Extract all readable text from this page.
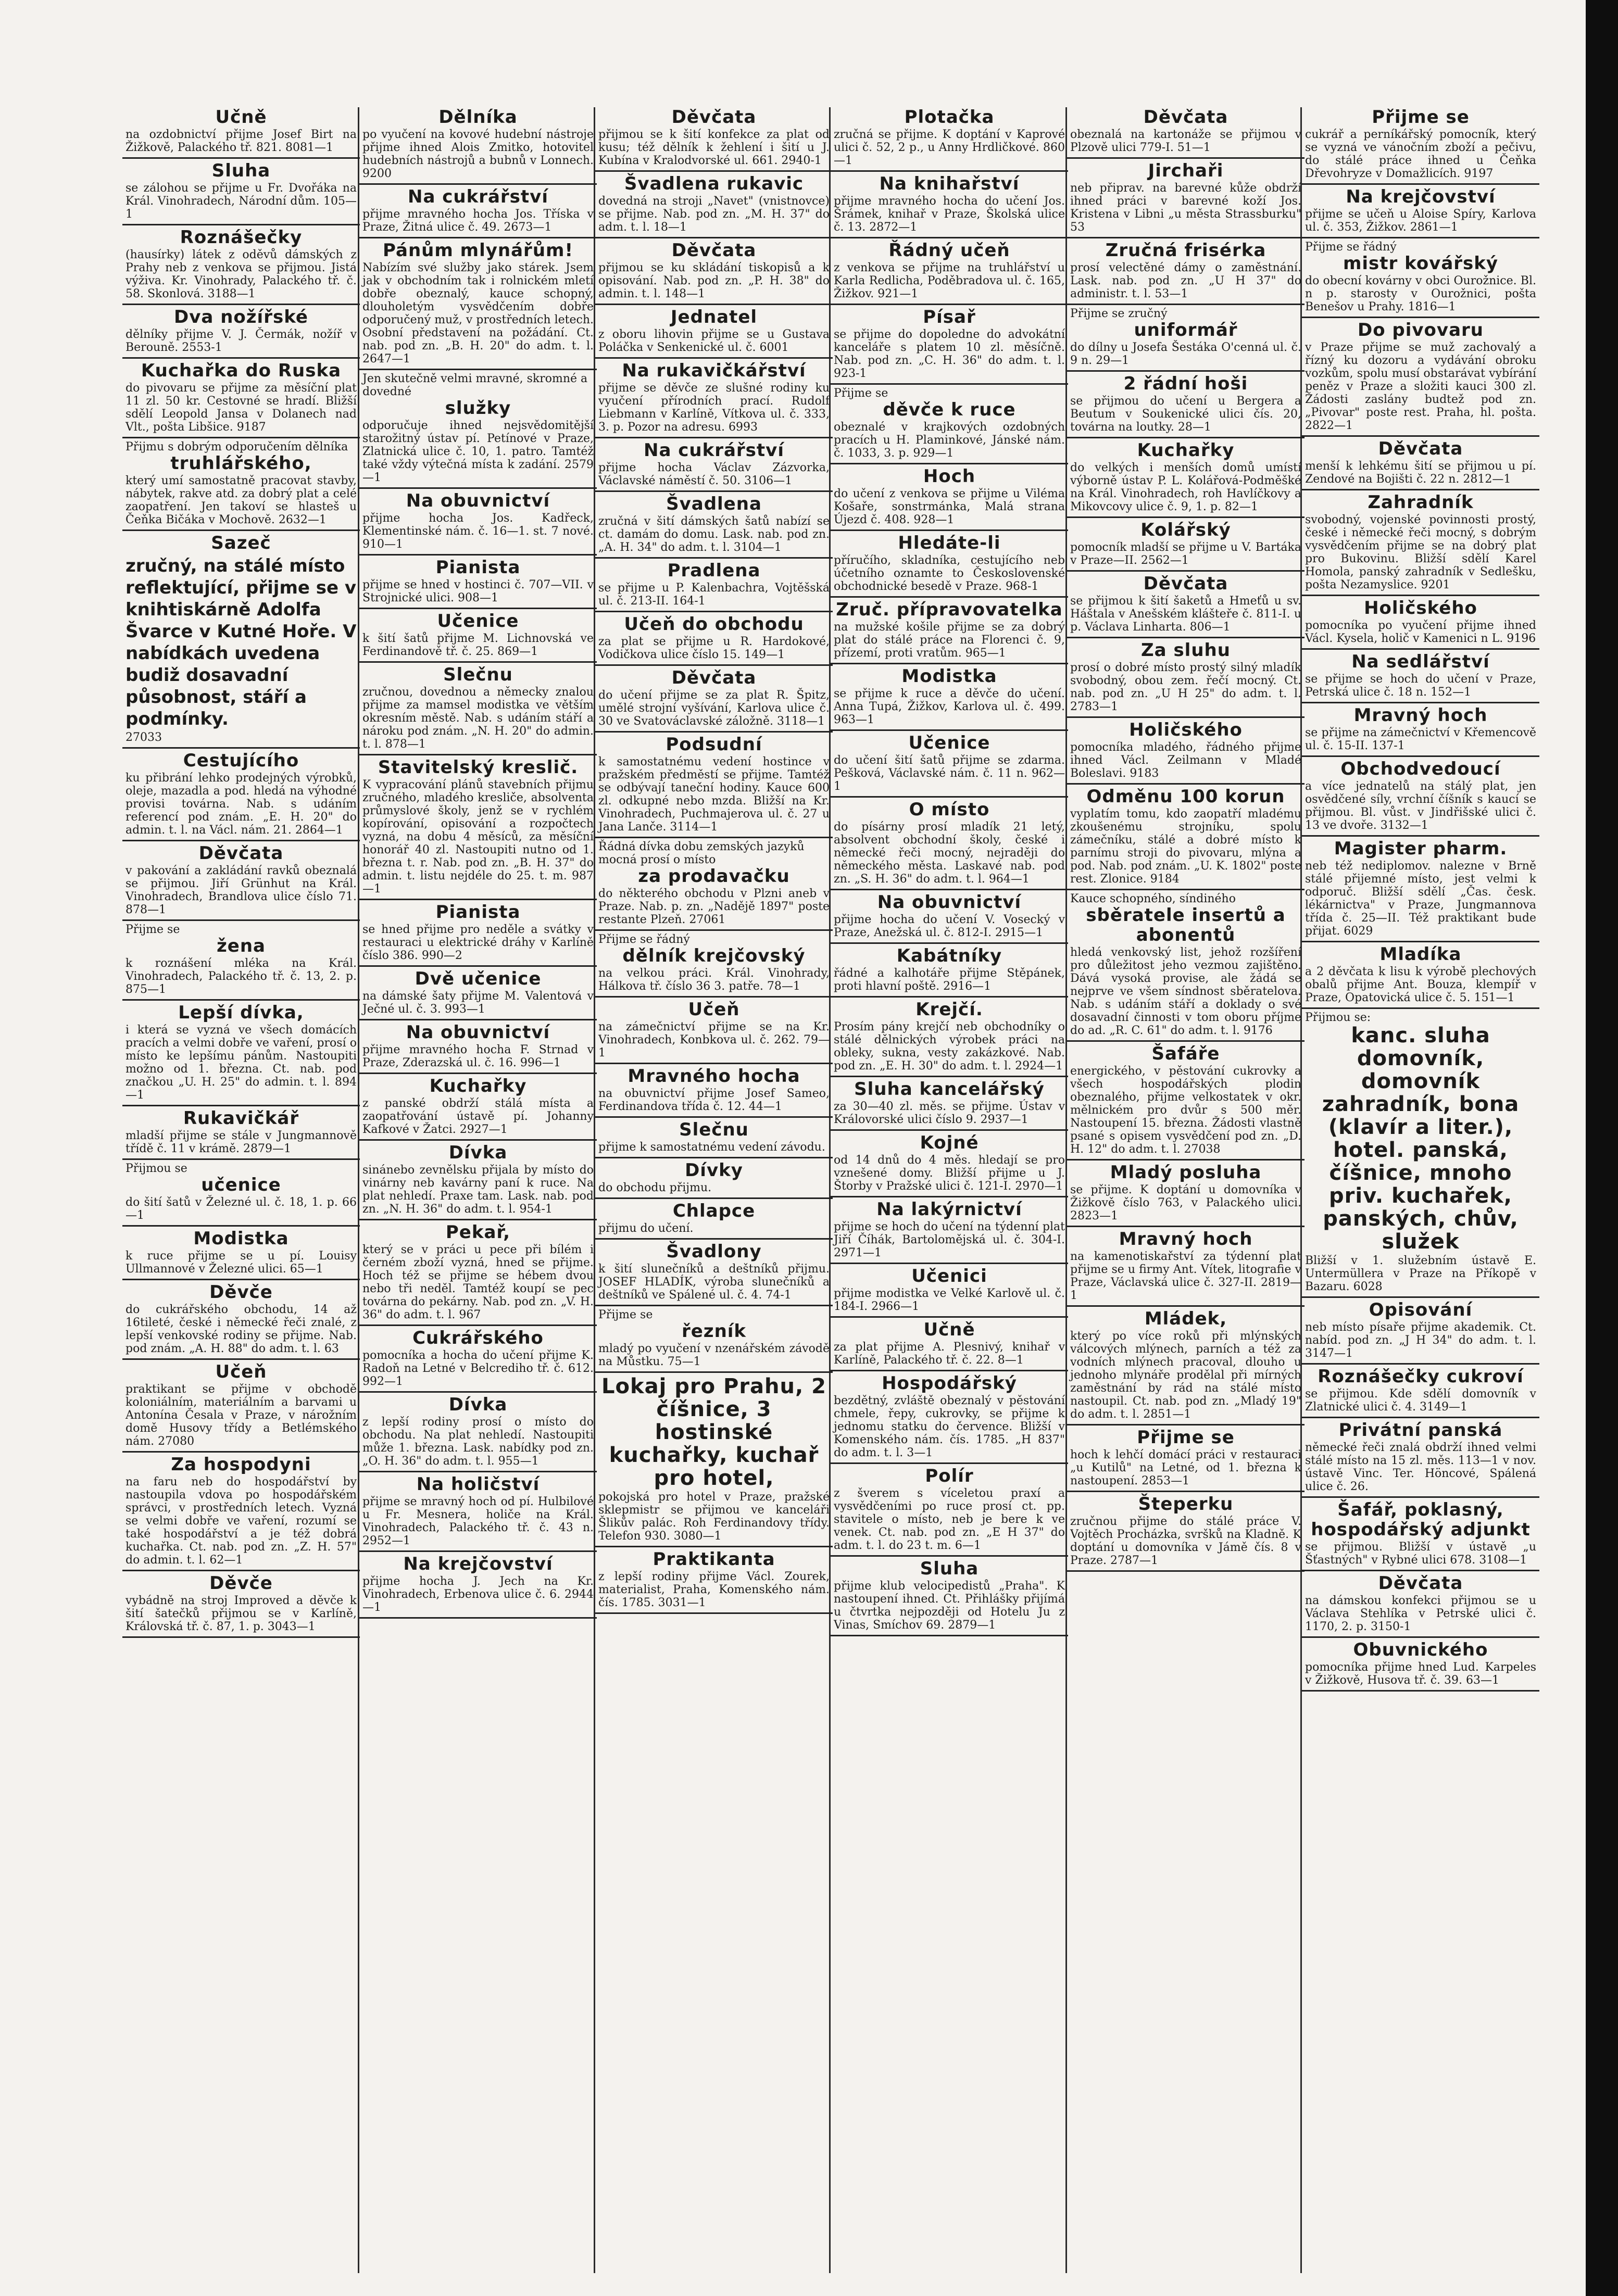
Učně

na ozdobnictví přijme Josef Birt na Žižkově, Palackého tř. 821. 8081—1

Sluha

se zálohou se přijme u Fr. Dvořáka na Král. Vinohradech, Národní dům. 105—1

Roznášečky

(hausírky) látek z oděvů dámských z Prahy neb z venkova se přijmou. Jistá výživa. Kr. Vinohrady, Palackého tř. č. 58. Skonlová. 3188—1

Dva nožířské

dělníky přijme V. J. Čermák, nožíř v Berouně. 2553-1

Kuchařka do Ruska

do pivovaru se přijme za měsíční plat 11 zl. 50 kr. Cestovné se hradí. Bližší sdělí Leopold Jansa v Dolanech nad Vlt., pošta Libšice. 9187

Přijmu s dobrým odporučením dělníka

truhlářského,

který umí samostatně pracovat stavby, nábytek, rakve atd. za dobrý plat a celé zaopatření. Jen takoví se hlasteš u Čeňka Bičáka v Mochově. 2632—1

Sazeč

zručný, na stálé místo reflektující, přijme se v knihtiskárně Adolfa Švarce v Kutné Hoře. V nabídkách uvedena budiž dosavadní působnost, stáří a podmínky.

27033

Cestujícího

ku přibrání lehko prodejných výrobků, oleje, mazadla a pod. hledá na výhodné provisi továrna. Nab. s udáním referencí pod znám. „E. H. 20" do admin. t. l. na Václ. nám. 21. 2864—1

Děvčata

v pakování a zakládání ravků obeznalá se přijmou. Jiří Grünhut na Král. Vinohradech, Brandlova ulice číslo 71. 878—1

Přijme se

žena

k roznášení mléka na Král. Vinohradech, Palackého tř. č. 13, 2. p. 875—1

Lepší dívka,

i která se vyzná ve všech domácích pracích a velmi dobře ve vaření, prosí o místo ke lepšímu pánům. Nastoupiti možno od 1. března. Ct. nab. pod značkou „U. H. 25" do admin. t. l. 894—1

Rukavičkář

mladší přijme se stále v Jungmannově třídě č. 11 v krámě. 2879—1

Přijmou se

učenice

do šití šatů v Železné ul. č. 18, 1. p. 66—1

Modistka

k ruce přijme se u pí. Louisy Ullmannové v Železné ulici. 65—1

Děvče

do cukrářského obchodu, 14 až 16tileté, české i německé řeči znalé, z lepší venkovské rodiny se přijme. Nab. pod znám. „A. H. 88" do adm. t. l. 63

Učeň

praktikant se přijme v obchodě koloniálním, materiálním a barvami u Antonína Česala v Praze, v nárožním domě Husovy třídy a Betlémského nám. 27080

Za hospodyni

na faru neb do hospodářství by nastoupila vdova po hospodářském správci, v prostředních letech. Vyzná se velmi dobře ve vaření, rozumí se také hospodářství a je též dobrá kuchařka. Ct. nab. pod zn. „Z. H. 57" do admin. t. l. 62—1

Děvče

vybádně na stroj Improved a děvče k šití šatečků přijmou se v Karlíně, Královská tř. č. 87, 1. p. 3043—1

Dělníka

po vyučení na kovové hudební nástroje přijme ihned Alois Zmitko, hotovitel hudebních nástrojů a bubnů v Lonnech. 9200

Na cukrářství

přijme mravného hocha Jos. Tříska v Praze, Žitná ulice č. 49. 2673—1

Pánům mlynářům!

Nabízím své služby jako stárek. Jsem jak v obchodním tak i rolnickém mletí dobře obeznalý, kauce schopný, dlouholetým vysvědčením dobře odporučený muž, v prostředních letech. Osobní představení na požádání. Ct. nab. pod zn. „B. H. 20" do adm. t. l. 2647—1

Jen skutečně velmi mravné, skromné a dovedné

služky

odporučuje ihned nejsvědomitější starožitný ústav pí. Petínové v Praze, Zlatnická ulice č. 10, 1. patro. Tamtéž také vždy výtečná místa k zadání. 2579—1

Na obuvnictví

přijme hocha Jos. Kadřeck, Klementinské nám. č. 16—1. st. 7 nové. 910—1

Pianista

přijme se hned v hostinci č. 707—VII. v Strojnické ulici. 908—1

Učenice

k šití šatů přijme M. Lichnovská ve Ferdinandově tř. č. 25. 869—1

Slečnu

zručnou, dovednou a německy znalou přijme za mamsel modistka ve větším okresním městě. Nab. s udáním stáří a nároku pod znám. „N. H. 20" do admin. t. l. 878—1

Stavitelský kreslič.

K vypracování plánů stavebních přijmu zručného, mladého kresliče, absolventa průmyslové školy, jenž se v rychlém kopírování, opisování a rozpočtech vyzná, na dobu 4 měsíců, za měsíční honorář 40 zl. Nastoupiti nutno od 1. března t. r. Nab. pod zn. „B. H. 37" do admin. t. listu nejdéle do 25. t. m. 987—1

Pianista

se hned přijme pro neděle a svátky v restauraci u elektrické dráhy v Karlíně číslo 386. 990—2

Dvě učenice

na dámské šaty přijme M. Valentová v Ječné ul. č. 3. 993—1

Na obuvnictví

přijme mravného hocha F. Strnad v Praze, Zderazská ul. č. 16. 996—1

Kuchařky

z panské obdrží stálá místa a zaopatřování ústavě pí. Johanny Kafkové v Žatci. 2927—1

Dívka

sinánebo zevnělsku přijala by místo do vinárny neb kavárny paní k ruce. Na plat nehledí. Praxe tam. Lask. nab. pod zn. „N. H. 36" do adm. t. l. 954-1

Pekař,

který se v práci u pece při bílém i černém zboží vyzná, hned se přijme. Hoch též se přijme se hébem dvou nebo tři neděl. Tamtéž koupí se pec továrna do pekárny. Nab. pod zn. „V. H. 36" do adm. t. l. 967

Cukrářského

pomocníka a hocha do učení přijme K. Radoň na Letné v Belcrediho tř. č. 612. 992—1

Dívka

z lepší rodiny prosí o místo do obchodu. Na plat nehledí. Nastoupiti může 1. března. Lask. nabídky pod zn. „O. H. 36" do adm. t. l. 955—1

Na holičství

přijme se mravný hoch od pí. Hulbilové u Fr. Mesnera, holiče na Král. Vinohradech, Palackého tř. č. 43 n. 2952—1

Na krejčovství

přijme hocha J. Jech na Kr. Vinohradech, Erbenova ulice č. 6. 2944—1

Děvčata

přijmou se k šití konfekce za plat od kusu; též dělník k žehlení i šití u J. Kubína v Kralodvorské ul. 661. 2940-1

Švadlena rukavic

dovedná na stroji „Navet" (vnistnovce) se přijme. Nab. pod zn. „M. H. 37" do adm. t. l. 18—1

Děvčata

přijmou se ku skládání tiskopisů a k opisování. Nab. pod zn. „P. H. 38" do admin. t. l. 148—1

Jednatel

z oboru lihovin přijme se u Gustava Poláčka v Senkenické ul. č. 6001

Na rukavičkářství

přijme se děvče ze slušné rodiny ku vyučení přírodních prací. Rudolf Liebmann v Karlíně, Vítkova ul. č. 333, 3. p. Pozor na adresu. 6993

Na cukrářství

přijme hocha Václav Zázvorka, Václavské náměstí č. 50. 3106—1

Švadlena

zručná v šití dámských šatů nabízí se ct. damám do domu. Lask. nab. pod zn. „A. H. 34" do adm. t. l. 3104—1

Pradlena

se přijme u P. Kalenbachra, Vojtěšská ul. č. 213-II. 164-1

Učeň do obchodu

za plat se přijme u R. Hardokové, Vodičkova ulice číslo 15. 149—1

Děvčata

do učení přijme se za plat R. Špitz, umělé strojní vyšívání, Karlova ulice č. 30 ve Svatováclavské záložně. 3118—1

Podsudní

k samostatnému vedení hostince v pražském předměstí se přijme. Tamtéž se odbývají taneční hodiny. Kauce 600 zl. odkupné nebo mzda. Bližší na Kr. Vinohradech, Puchmajerova ul. č. 27 u Jana Lanče. 3114—1

Řádná dívka dobu zemských jazyků mocná prosí o místo

za prodavačku

do některého obchodu v Plzni aneb v Praze. Nab. p. zn. „Nadějě 1897" poste restante Plzeň. 27061

Přijme se řádný

dělník krejčovský

na velkou práci. Král. Vinohrady, Hálkova tř. číslo 36 3. patře. 78—1

Učeň

na zámečnictví přijme se na Kr. Vinohradech, Konbkova ul. č. 262. 79—1

Mravného hocha

na obuvnictví přijme Josef Sameo, Ferdinandova třída č. 12. 44—1

Slečnu

přijme k samostatnému vedení závodu.

Dívky

do obchodu přijmu.

Chlapce

přijmu do učení.

Švadlony

k šití slunečníků a deštníků přijmu. JOSEF HLADÍK, výroba slunečníků a deštníků ve Spálené ul. č. 4. 74-1

Přijme se

řezník

mladý po vyučení v nzenářském závodě na Můstku. 75—1

Lokaj pro Prahu, 2 číšnice, 3 hostinské kuchařky, kuchař pro hotel,

pokojská pro hotel v Praze, pražské sklepmistr se přijmou ve kanceláři Šlikův palác. Roh Ferdinandovy třídy. Telefon 930. 3080—1

Praktikanta

z lepší rodiny přijme Václ. Zourek, materialist, Praha, Komenského nám. čís. 1785. 3031—1

Plotačka

zručná se přijme. K doptání v Kaprové ulici č. 52, 2 p., u Anny Hrdličkové. 860—1

Na knihařství

přijme mravného hocha do učení Jos. Šrámek, knihař v Praze, Školská ulice č. 13. 2872—1

Řádný učeň

z venkova se přijme na truhlářství u Karla Redlicha, Poděbradova ul. č. 165, Žižkov. 921—1

Písař

se přijme do dopoledne do advokátní kanceláře s platem 10 zl. měsíčně. Nab. pod zn. „C. H. 36" do adm. t. l. 923-1

Přijme se

děvče k ruce

obeznalé v krajkových ozdobných pracích u H. Plaminkové, Jánské nám. č. 1033, 3. p. 929—1

Hoch

do učení z venkova se přijme u Viléma Košaře, sonstrmánka, Malá strana Újezd č. 408. 928—1

Hledáte-li

příručího, skladníka, cestujícího neb účetního oznamte to Československé obchodnické besedě v Praze. 968-1

Zruč. přípravovatelka

na mužské košile přijme se za dobrý plat do stálé práce na Florenci č. 9, přízemí, proti vratům. 965—1

Modistka

se přijme k ruce a děvče do učení. Anna Tupá, Žižkov, Karlova ul. č. 499. 963—1

Učenice

do učení šití šatů přijme se zdarma. Pešková, Václavské nám. č. 11 n. 962—1

O místo

do písárny prosí mladík 21 letý, absolvent obchodní školy, české i německé řeči mocný, nejraději do německého města. Laskavé nab. pod zn. „S. H. 36" do adm. t. l. 964—1

Na obuvnictví

přijme hocha do učení V. Vosecký v Praze, Anežská ul. č. 812-I. 2915—1

Kabátníky

řádné a kalhotáře přijme Stěpánek, proti hlavní poště. 2916—1

Krejčí.

Prosím pány krejčí neb obchodníky o stálé dělnických výrobek práci na obleky, sukna, vesty zakázkové. Nab. pod zn. „E. H. 30" do adm. t. l. 2924—1

Sluha kancelářský

za 30—40 zl. měs. se přijme. Ústav v Královorské ulici číslo 9. 2937—1

Kojné

od 14 dnů do 4 měs. hledají se pro vznešené domy. Bližší přijme u J. Štorby v Pražské ulici č. 121-I. 2970—1

Na lakýrnictví

přijme se hoch do učení na týdenní plat Jiří Číhák, Bartolomějská ul. č. 304-I. 2971—1

Učenici

přijme modistka ve Velké Karlově ul. č. 184-I. 2966—1

Učně

za plat přijme A. Plesnivý, knihař v Karlíně, Palackého tř. č. 22. 8—1

Hospodářský

bezdětný, zvláště obeznalý v pěstování chmele, řepy, cukrovky, se přijme k jednomu statku do července. Bližší v Komenského nám. čís. 1785. „H 837" do adm. t. l. 3—1

Polír

z šverem s víceletou praxí a vysvědčeními po ruce prosí ct. pp. stavitele o místo, neb je bere k ve venek. Ct. nab. pod zn. „E H 37" do adm. t. l. do 23 t. m. 6—1

Sluha

přijme klub velocipedistů „Praha". K nastoupení ihned. Ct. Přihlášky přijímá u čtvrtka nejpozději od Hotelu Ju z Vinas, Smíchov 69. 2879—1

Děvčata

obeznalá na kartonáže se přijmou v Plzově ulici 779-I. 51—1

Jirchaři

neb připrav. na barevné kůže obdrží ihned práci v barevné koží Jos. Kristena v Libni „u města Strassburku" 53

Zručná frisérka

prosí velectěné dámy o zaměstnání. Lask. nab. pod zn. „U H 37" do administr. t. l. 53—1

Přijme se zručný

uniformář

do dílny u Josefa Šestáka O'cenná ul. č. 9 n. 29—1

2 řádní hoši

se přijmou do učení u Bergera a Beutum v Soukenické ulici čís. 20, továrna na loutky. 28—1

Kuchařky

do velkých i menších domů umístí výborně ústav P. L. Kolářová-Podměšké na Král. Vinohradech, roh Havlíčkovy a Mikovcovy ulice č. 9, 1. p. 82—1

Kolářský

pomocník mladší se přijme u V. Bartáka v Praze—II. 2562—1

Děvčata

se přijmou k šití šaketů a Hmeťů u sv. Háštala v Anešském klášteře č. 811-I. u p. Václava Linharta. 806—1

Za sluhu

prosí o dobré místo prostý silný mladík svobodný, obou zem. řečí mocný. Ct. nab. pod zn. „U H 25" do adm. t. l. 2783—1

Holičského

pomocníka mladého, řádného přijme ihned Václ. Zeilmann v Mladé Boleslavi. 9183

Odměnu 100 korun

vyplatím tomu, kdo zaopatří mladému zkoušenému strojníku, spolu zámečníku, stálé a dobré místo k parnímu stroji do pivovaru, mlýna a pod. Nab. pod znám. „U. K. 1802" poste rest. Zlonice. 9184

Kauce schopného, síndiného

sběratele insertů a abonentů

hledá venkovský list, jehož rozšíření pro důležitost jeho vezmou zajištěno. Dává vysoká provise, ale žádá se nejprve ve všem síndnost sběratelova. Nab. s udáním stáří a doklady o své dosavadní činnosti v tom oboru příjme do ad. „R. C. 61" do adm. t. l. 9176

Šafáře

energického, v pěstování cukrovky a všech hospodářských plodin obeznalého, přijme velkostatek v okr. mělnickém pro dvůr s 500 měr. Nastoupení 15. března. Žádosti vlastně psané s opisem vysvědčení pod zn. „D. H. 12" do adm. t. l. 27038

Mladý posluha

se přijme. K doptání u domovníka v Žižkově číslo 763, v Palackého ulici. 2823—1

Mravný hoch

na kamenotiskařství za týdenní plat přijme se u firmy Ant. Vítek, litografie v Praze, Václavská ulice č. 327-II. 2819—1

Mládek,

který po více roků při mlýnských válcových mlýnech, parních a též za vodních mlýnech pracoval, dlouho u jednoho mlynáře prodělal při mírných zaměstnání by rád na stálé místo nastoupil. Ct. nab. pod zn. „Mladý 19" do adm. t. l. 2851—1

Přijme se

hoch k lehčí domácí práci v restauraci „u Kutilů" na Letné, od 1. března k nastoupení. 2853—1

Šteperku

zručnou přijme do stálé práce V. Vojtěch Procházka, svršků na Kladně. K doptání u domovníka v Jámě čís. 8 v Praze. 2787—1

Přijme se

cukrář a perníkářský pomocník, který se vyzná ve vánočním zboží a pečivu, do stálé práce ihned u Čeňka Dřevohryze v Domažlicích. 9197

Na krejčovství

přijme se učeň u Aloise Spíry, Karlova ul. č. 353, Žižkov. 2861—1

Přijme se řádný

mistr kovářský

do obecní kovárny v obci Ourožnice. Bl. n p. starosty v Ourožnici, pošta Benešov u Prahy. 1816—1

Do pivovaru

v Praze přijme se muž zachovalý a řízný ku dozoru a vydávání obroku vozkům, spolu musí obstarávat vybírání peněz v Praze a složiti kauci 300 zl. Žádosti zaslány budtež pod zn. „Pivovar" poste rest. Praha, hl. pošta. 2822—1

Děvčata

menší k lehkému šití se přijmou u pí. Zendové na Bojišti č. 22 n. 2812—1

Zahradník

svobodný, vojenské povinnosti prostý, české i německé řeči mocný, s dobrým vysvědčením přijme se na dobrý plat pro Bukovinu. Bližší sdělí Karel Homola, panský zahradník v Sedlešku, pošta Nezamyslice. 9201

Holičského

pomocníka po vyučení přijme ihned Václ. Kysela, holič v Kamenici n L. 9196

Na sedlářství

se přijme se hoch do učení v Praze, Petrská ulice č. 18 n. 152—1

Mravný hoch

se přijme na zámečnictví v Křemencově ul. č. 15-II. 137-1

Obchodvedoucí

a více jednatelů na stálý plat, jen osvědčené síly, vrchní číšník s kaucí se přijmou. Bl. vůst. v Jindřišské ulici č. 13 ve dvoře. 3132—1

Magister pharm.

neb též nediplomov. nalezne v Brně stálé přijemné místo, jest velmi k odporuč. Bližší sdělí „Čas. česk. lékárnictva" v Praze, Jungmannova třída č. 25—II. Též praktikant bude přijat. 6029

Mladíka

a 2 děvčata k lisu k výrobě plechových obalů přijme Ant. Bouza, klempíř v Praze, Opatovická ulice č. 5. 151—1

Přijmou se:

kanc. sluha domovník, domovník zahradník, bona (klavír a liter.), hotel. panská, číšnice, mnoho priv. kuchařek, panských, chův, služek

Bližší v 1. služebním ústavě E. Untermüllera v Praze na Příkopě v Bazaru. 6028

Opisování

neb místo písaře přijme akademik. Ct. nabíd. pod zn. „J H 34" do adm. t. l. 3147—1

Roznášečky cukroví

se přijmou. Kde sdělí domovník v Zlatnické ulici č. 4. 3149—1

Privátní panská

německé řeči znalá obdrží ihned velmi stálé místo na 15 zl. měs. 113—1 v nov. ústavě Vinc. Ter. Höncové, Spálená ulice č. 26.

Šafář, poklasný, hospodářský adjunkt

se přijmou. Bližší v ústavě „u Šťastných" v Rybné ulici 678. 3108—1

Děvčata

na dámskou konfekci přijmou se u Václava Stehlíka v Petrské ulici č. 1170, 2. p. 3150-1

Obuvnického

pomocníka přijme hned Lud. Karpeles v Žižkově, Husova tř. č. 39. 63—1
